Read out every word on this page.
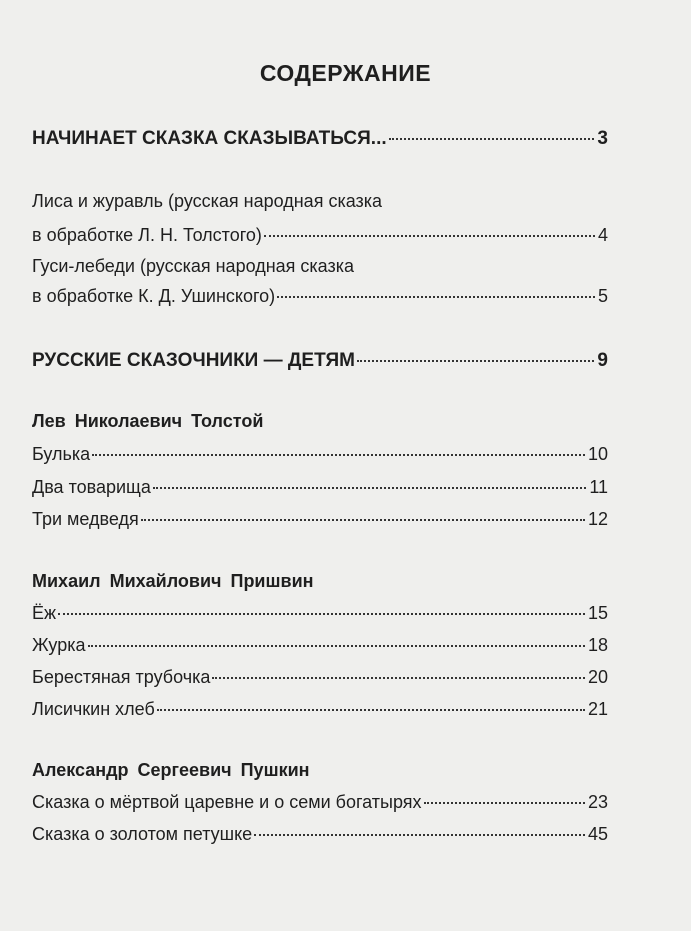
СОДЕРЖАНИЕ
НАЧИНАЕТ СКАЗКА СКАЗЫВАТЬСЯ...	3
Лиса и журавль (русская народная сказка
в обработке Л. Н. Толстого)	4
Гуси-лебеди (русская народная сказка
в обработке К. Д. Ушинского)	5
РУССКИЕ СКАЗОЧНИКИ — ДЕТЯМ	9
Лев Николаевич Толстой
Булька	10
Два товарища	11
Три медведя	12
Михаил Михайлович Пришвин
Ёж	15
Журка	18
Берестяная трубочка	20
Лисичкин хлеб	21
Александр Сергеевич Пушкин
Сказка о мёртвой царевне и о семи богатырях	23
Сказка о золотом петушке	45
